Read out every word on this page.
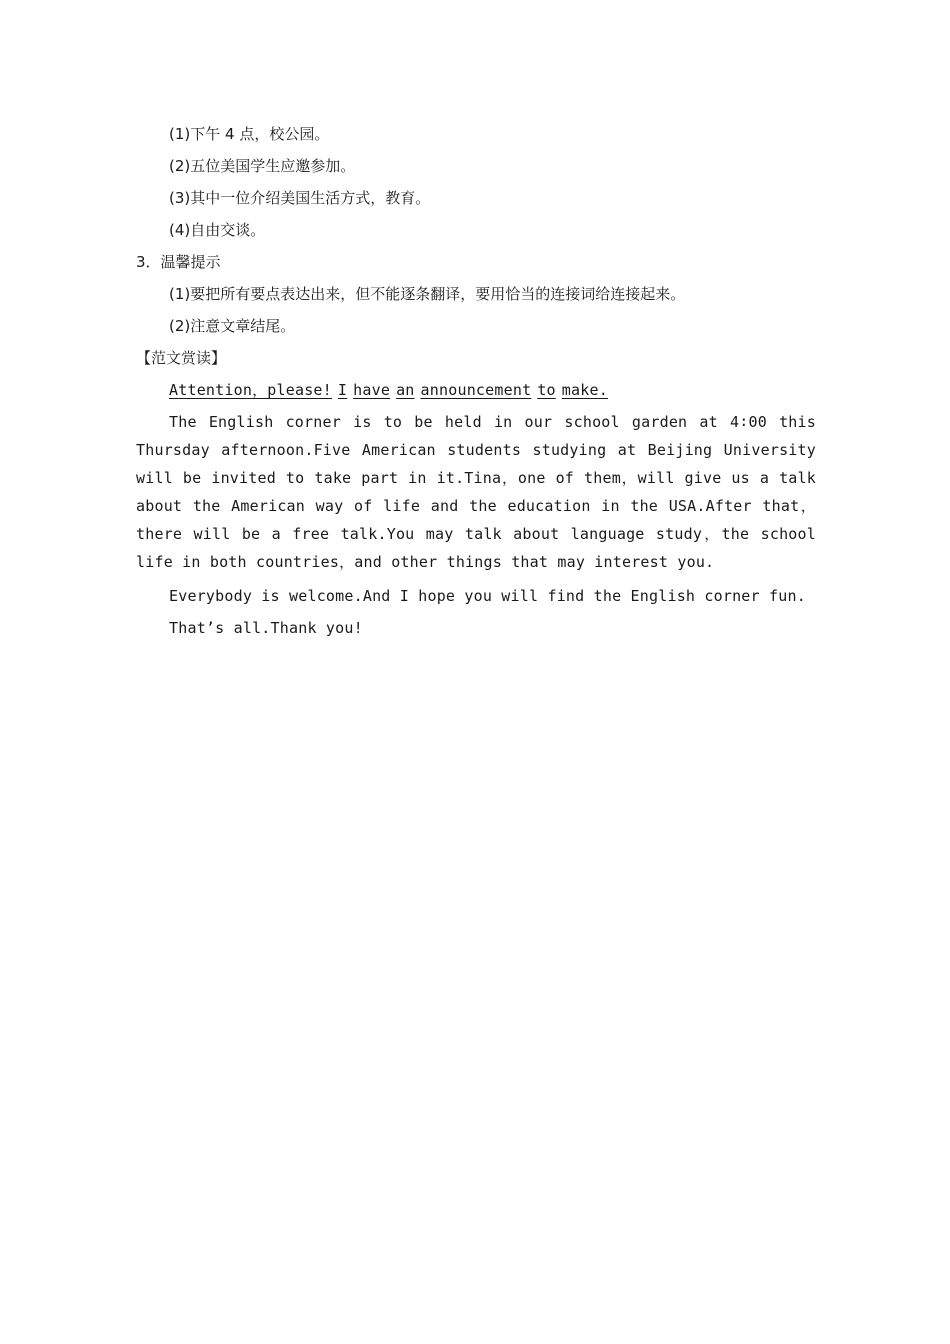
(1)下午 4 点，校公园。
(2)五位美国学生应邀参加。
(3)其中一位介绍美国生活方式，教育。
(4)自由交谈。
3．温馨提示
(1)要把所有要点表达出来，但不能逐条翻译，要用恰当的连接词给连接起来。
(2)注意文章结尾。
【范文赏读】
Attention，please! I have an announcement to make.

The English corner is to be held in our school garden at 4∶00 this Thursday afternoon.Five American students studying at Beijing University will be invited to take part in it.Tina，one of them，will give us a talk about the American way of life and the education in the USA.After that，there will be a free talk.You may talk about language study，the school life in both countries，and other things that may interest you.

Everybody is welcome.And I hope you will find the English corner fun.
That’s all.Thank you!
